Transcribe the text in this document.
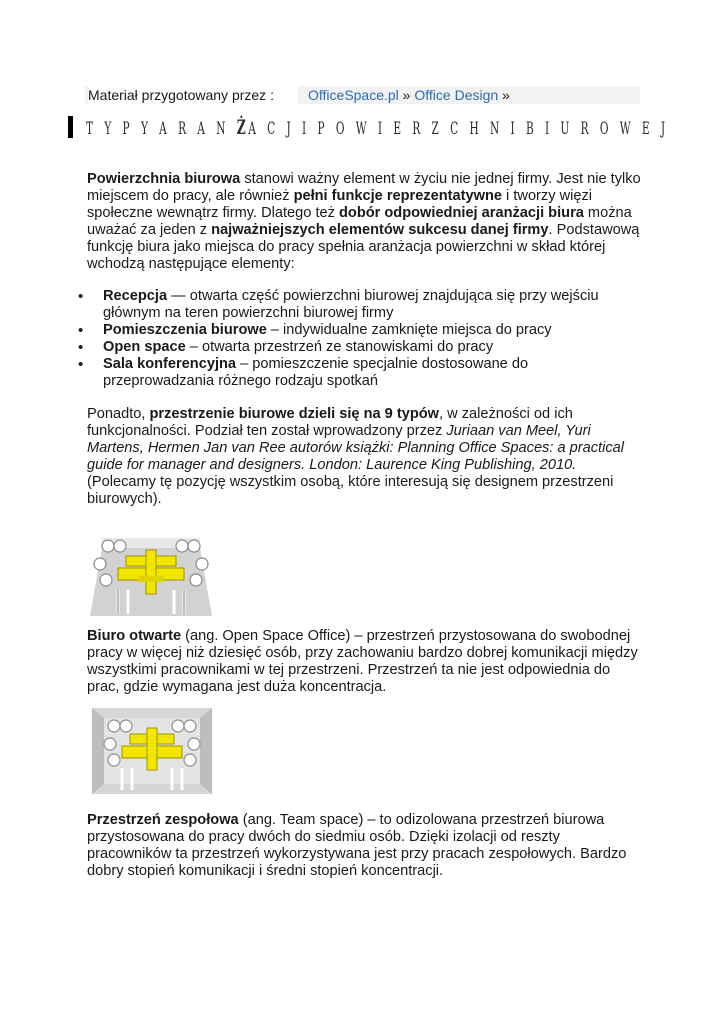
Materiał przygotowany przez :	OfficeSpace.pl » Office Design »
T Y P Y A R A N ŻA C J I P O W I E R Z C H N I B I U R O W E J
Powierzchnia biurowa stanowi ważny element w życiu nie jednej firmy. Jest nie tylko miejscem do pracy, ale również pełni funkcje reprezentatywne i tworzy więzi społeczne wewnątrz firmy. Dlatego też dobór odpowiedniej aranżacji biura można uważać za jeden z najważniejszych elementów sukcesu danej firmy. Podstawową funkcję biura jako miejsca do pracy spełnia aranżacja powierzchni w skład której wchodzą następujące elementy:
• Recepcja — otwarta część powierzchni biurowej znajdująca się przy wejściu głównym na teren powierzchni biurowej firmy
• Pomieszczenia biurowe – indywidualne zamknięte miejsca do pracy
• Open space – otwarta przestrzeń ze stanowiskami do pracy
• Sala konferencyjna – pomieszczenie specjalnie dostosowane do przeprowadzania różnego rodzaju spotkań
Ponadto, przestrzenie biurowe dzieli się na 9 typów, w zależności od ich funkcjonalności. Podział ten został wprowadzony przez Juriaan van Meel, Yuri Martens, Hermen Jan van Ree autorów książki: Planning Office Spaces: a practical guide for manager and designers. London: Laurence King Publishing, 2010. (Polecamy tę pozycję wszystkim osobą, które interesują się designem przestrzeni biurowych).
Biuro otwarte (ang. Open Space Office) – przestrzeń przystosowana do swobodnej pracy w więcej niż dziesięć osób, przy zachowaniu bardzo dobrej komunikacji między wszystkimi pracownikami w tej przestrzeni. Przestrzeń ta nie jest odpowiednia do prac, gdzie wymagana jest duża koncentracja.
Przestrzeń zespołowa (ang. Team space) – to odizolowana przestrzeń biurowa przystosowana do pracy dwóch do siedmiu osób. Dzięki izolacji od reszty pracowników ta przestrzeń wykorzystywana jest przy pracach zespołowych. Bardzo dobry stopień komunikacji i średni stopień koncentracji.
